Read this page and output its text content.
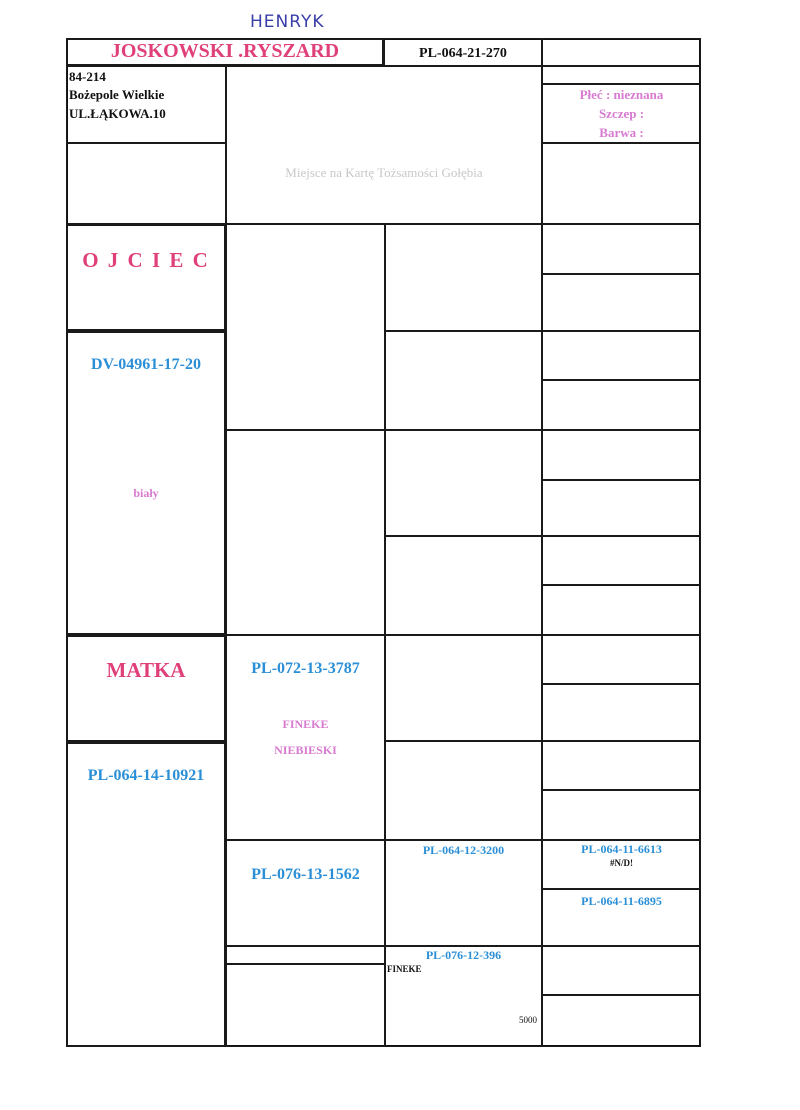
HENRYK
JOSKOWSKI .RYSZARD	PL-064-21-270
84-214
Bożepole Wielkie
UL.ŁĄKOWA.10
Miejsce na Kartę Tożsamości Gołębia
Płeć : nieznana
Szczep :
Barwa :
O J C I E C
DV-04961-17-20
biały
MATKA
PL-064-14-10921
PL-072-13-3787
FINEKE
NIEBIESKI
PL-076-13-1562
PL-064-12-3200
PL-076-12-396
FINEKE
5000
PL-064-11-6613
#N/D!
PL-064-11-6895
